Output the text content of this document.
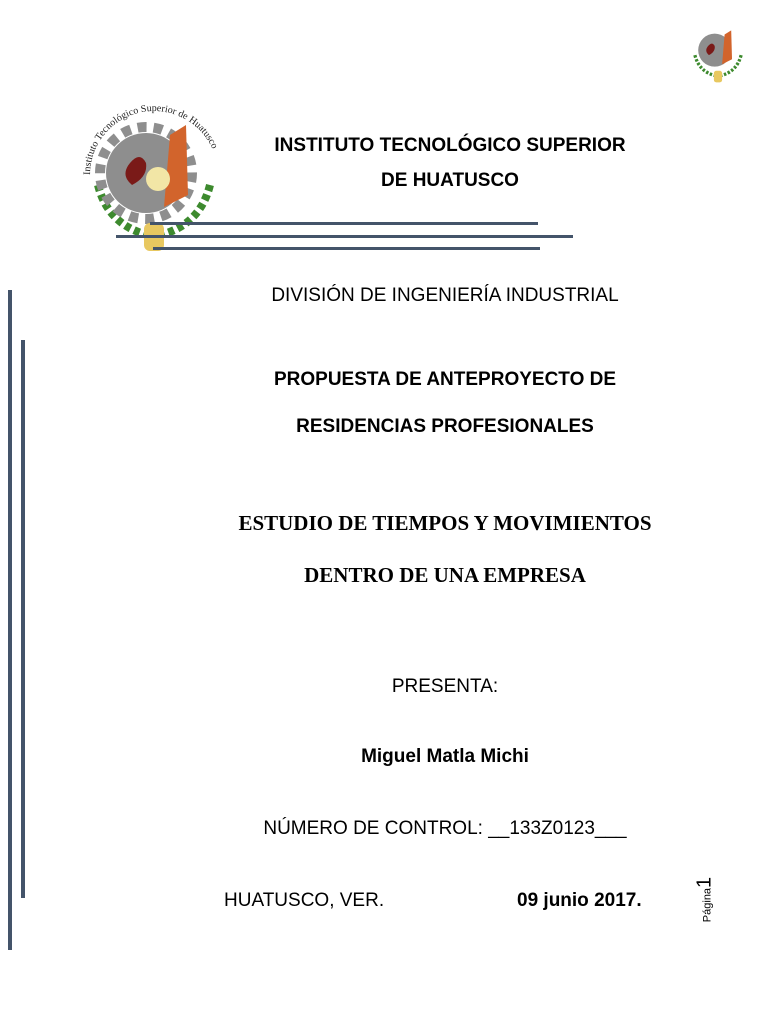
Instituto Tecnológico Superior de Huatusco	INSTITUTO TECNOLÓGICO SUPERIOR
DE HUATUSCO
DIVISIÓN DE INGENIERÍA INDUSTRIAL
PROPUESTA DE ANTEPROYECTO DE
RESIDENCIAS PROFESIONALES
ESTUDIO DE TIEMPOS Y MOVIMIENTOS
DENTRO DE UNA EMPRESA
PRESENTA:
Miguel Matla Michi
NÚMERO DE CONTROL: __133Z0123___
HUATUSCO, VER.	09 junio 2017.	Página1
